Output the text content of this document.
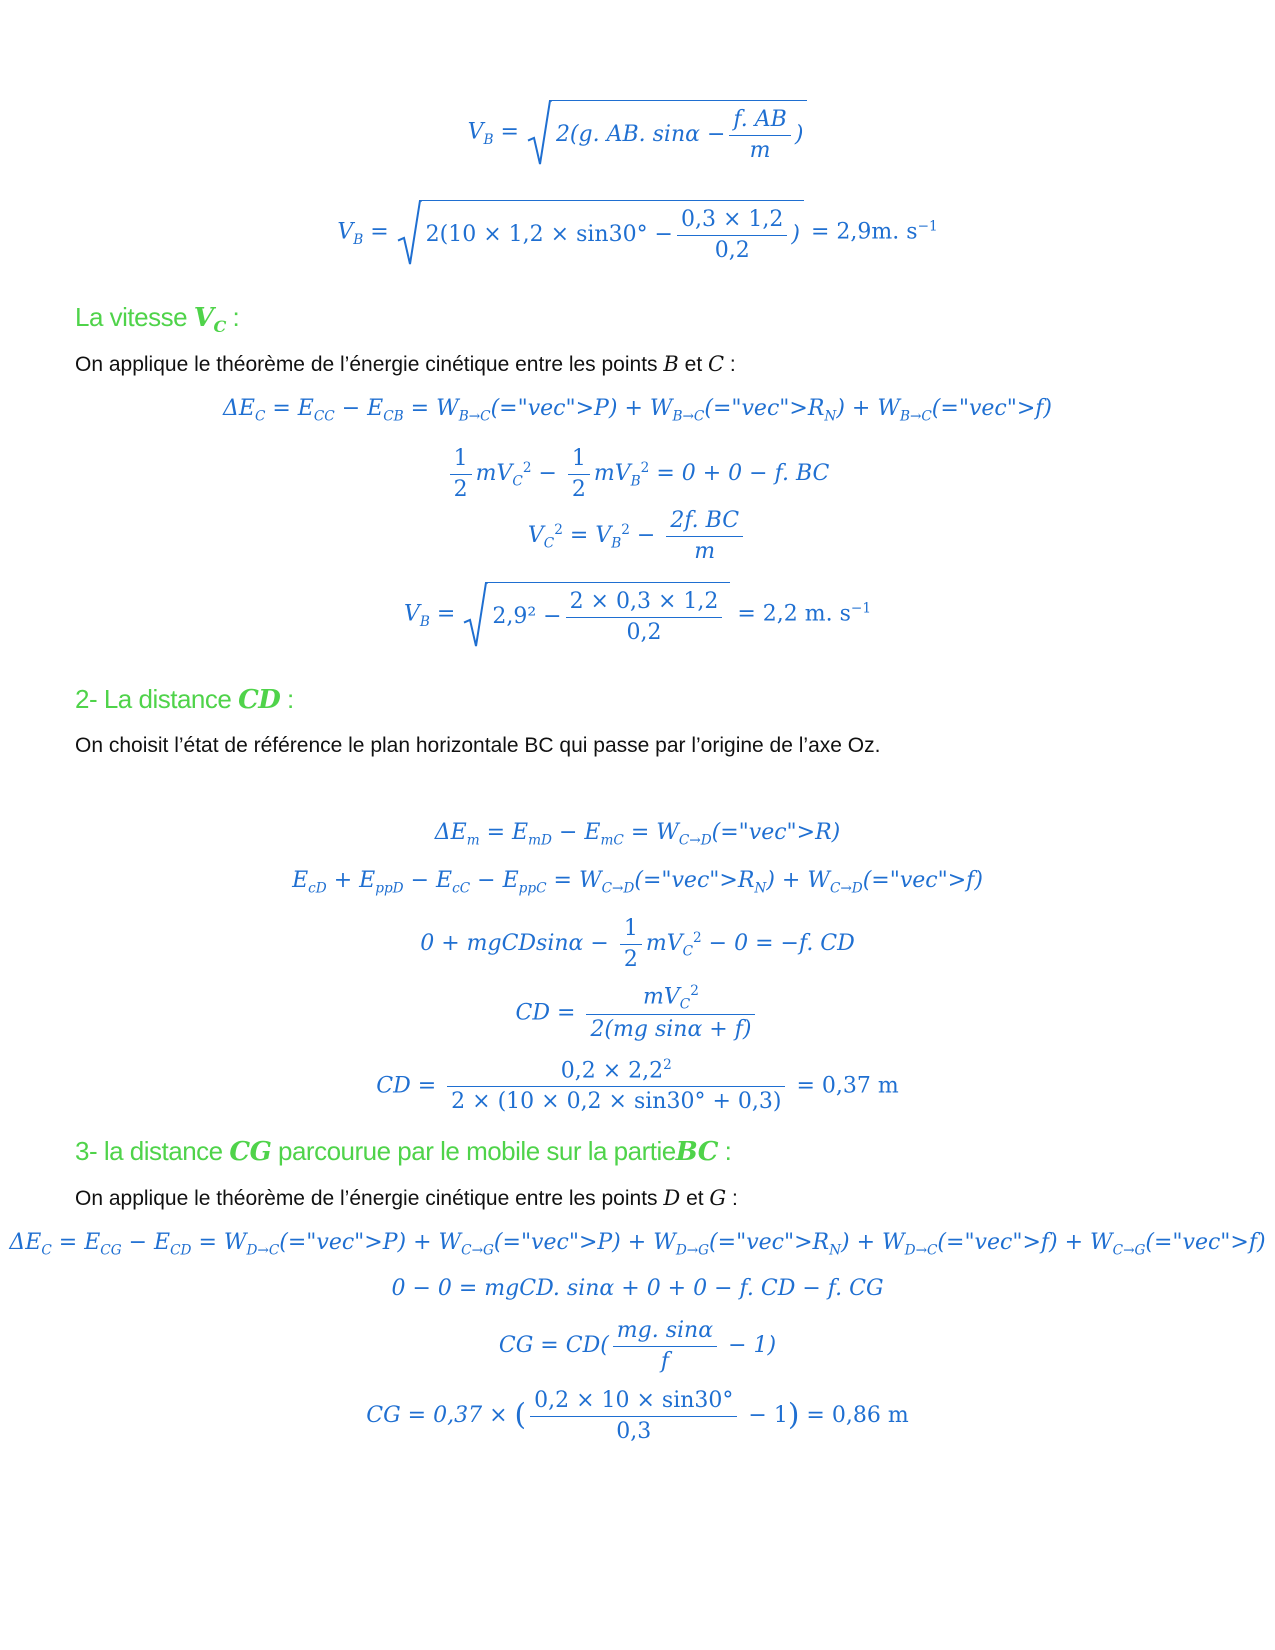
$V_B = 2(g$. AB. $\sin\alpha - \frac{f. AB}{m}$ )
$V_B = 2(10 \times 1,2 \times \sin 30^\circ - \frac{0,3 \times 1,2}{0,2}$ ) = 2,9m. $s^{-1}$
La vitesse $V_C$ :
On applique le théorème de l’énergie cinétique entre les points B et C :
$\Delta E_C = E_{CC} - E_{CB}$ = $W_{B\to C}(="vec">P)$ + $W_{B\to C}(="vec">R_N)$ + $W_{B\to C}(="vec">f)$
$\frac{1}{2} mV_C^2 - \frac{1}{2} mV_B^2 = 0 + 0 - f$. BC
$V_C^2 = V_B^2 - \frac{2f. BC}{m}$
$V_B = 2,9^2 - \frac{2 \times 0,3 \times 1,2}{0,2} = 2,2$ m. $s^{-1}$
2- La distance CD :
On choisit l’état de référence le plan horizontale BC qui passe par l’origine de l’axe Oz.
$\Delta E_m = E_{mD} - E_{mC}$ = $W_{C\to D}(="vec">R)$
$E_{cD} + E_{ppD} - E_{cC} - E_{ppC}$ = $W_{C\to D}(="vec">R_N)$ + $W_{C\to D}(="vec">f)$
0 + mgCDsinα − $\frac{1}{2} mV_C^2 - 0 = -f$. CD
CD = $\frac{mV_C^2}{\text{2(mg sinα + f)}}$
CD = $\frac{0,2 \times 2,2^2}{2 \times (10 \times 0,2 \times \sin 30^\circ + 0,3)} = 0,37$ m
3- la distance CG parcourue par le mobile sur la partieBC :
On applique le théorème de l’énergie cinétique entre les points D et G :
$\Delta E_C = E_{CG} - E_{CD}$ = $W_{D\to C}(="vec">P)$ + $W_{C\to G}(="vec">P)$ + $W_{D\to G}(="vec">R_N)$ + $W_{D\to C}(="vec">f)$ + $W_{C\to G}(="vec">f)$
0 − 0 = mgCD. sinα + 0 + 0 − f. CD − f. CG
CG = $CD( \frac{mg. \sin\alpha}{f} - 1)$
CG = 0,37 × ( $\frac{0,2 \times 10 \times \sin 30^\circ}{0,3} - 1) = 0,86$ m
